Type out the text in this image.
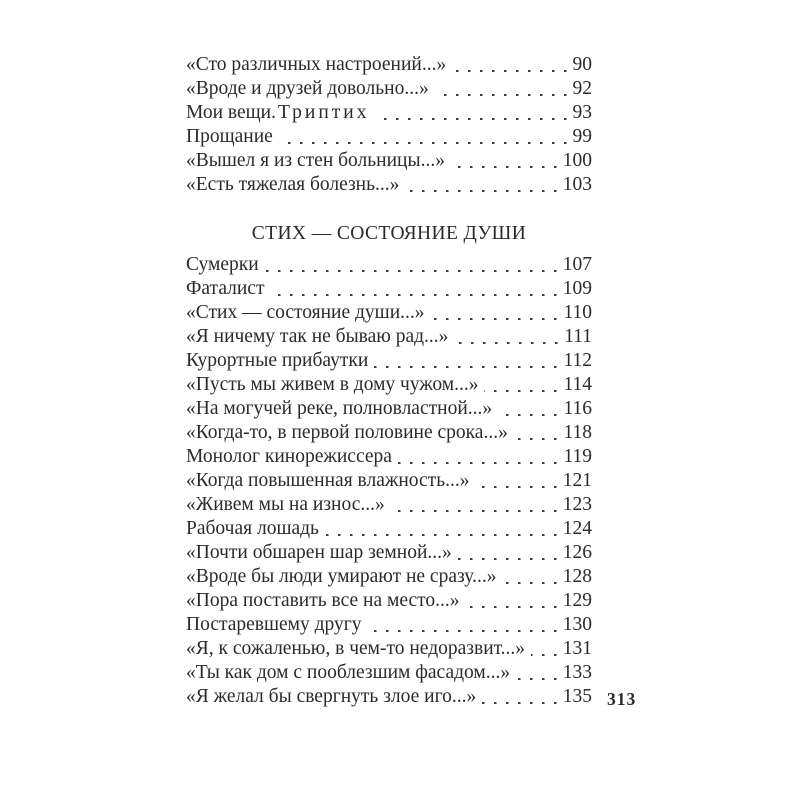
«Сто различных настроений...»	90
«Вроде и друзей довольно...»	92
Мои вещи. Триптих	93
Прощание	99
«Вышел я из стен больницы...»	100
«Есть тяжелая болезнь...»	103
СТИХ — СОСТОЯНИЕ ДУШИ
Сумерки	107
Фаталист	109
«Стих — состояние души...»	110
«Я ничему так не бываю рад...»	111
Курортные прибаутки	112
«Пусть мы живем в дому чужом...»	114
«На могучей реке, полновластной...»	116
«Когда-то, в первой половине срока...»	118
Монолог кинорежиссера	119
«Когда повышенная влажность...»	121
«Живем мы на износ...»	123
Рабочая лошадь	124
«Почти обшарен шар земной...»	126
«Вроде бы люди умирают не сразу...»	128
«Пора поставить все на место...»	129
Постаревшему другу	130
«Я, к сожаленью, в чем-то недоразвит...» 131
«Ты как дом с пооблезшим фасадом...»	133
«Я желал бы свергнуть злое иго...»	135 313
